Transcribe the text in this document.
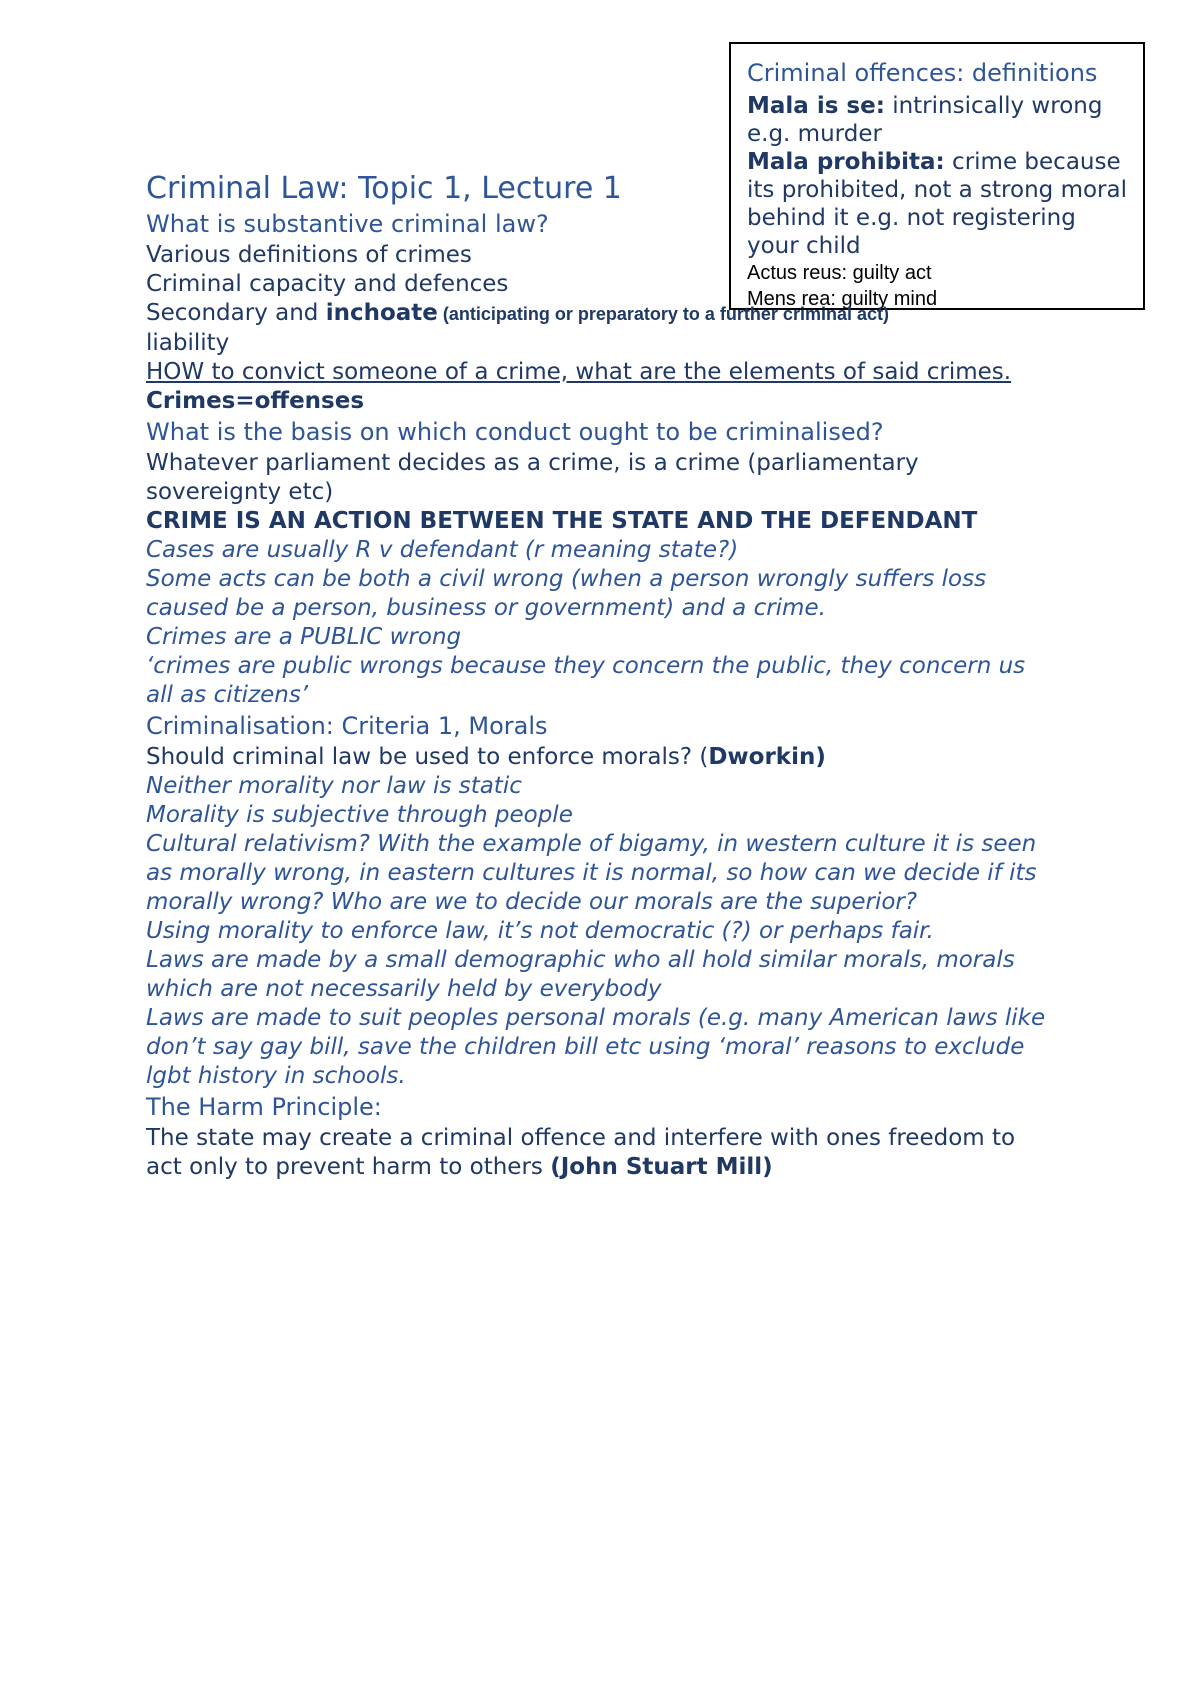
Criminal offences: definitions

Mala is se: intrinsically wrong e.g. murder

Mala prohibita: crime because its prohibited, not a strong moral behind it e.g. not registering your child

Actus reus: guilty act

Mens rea: guilty mind

Criminal Law: Topic 1, Lecture 1

What is substantive criminal law?

Various definitions of crimes

Criminal capacity and defences

Secondary and inchoate (anticipating or preparatory to a further criminal act)
liability

HOW to convict someone of a crime, what are the elements of said crimes.

Crimes=offenses

What is the basis on which conduct ought to be criminalised?

Whatever parliament decides as a crime, is a crime (parliamentary sovereignty etc)

CRIME IS AN ACTION BETWEEN THE STATE AND THE DEFENDANT

Cases are usually R v defendant (r meaning state?)

Some acts can be both a civil wrong (when a person wrongly suffers loss caused be a person, business or government) and a crime.

Crimes are a PUBLIC wrong

‘crimes are public wrongs because they concern the public, they concern us all as citizens’

Criminalisation: Criteria 1, Morals

Should criminal law be used to enforce morals? (Dworkin)

Neither morality nor law is static

Morality is subjective through people

Cultural relativism? With the example of bigamy, in western culture it is seen as morally wrong, in eastern cultures it is normal, so how can we decide if its morally wrong? Who are we to decide our morals are the superior?

Using morality to enforce law, it’s not democratic (?) or perhaps fair.

Laws are made by a small demographic who all hold similar morals, morals which are not necessarily held by everybody

Laws are made to suit peoples personal morals (e.g. many American laws like don’t say gay bill, save the children bill etc using ‘moral’ reasons to exclude lgbt history in schools.

The Harm Principle:

The state may create a criminal offence and interfere with ones freedom to act only to prevent harm to others (John Stuart Mill)
